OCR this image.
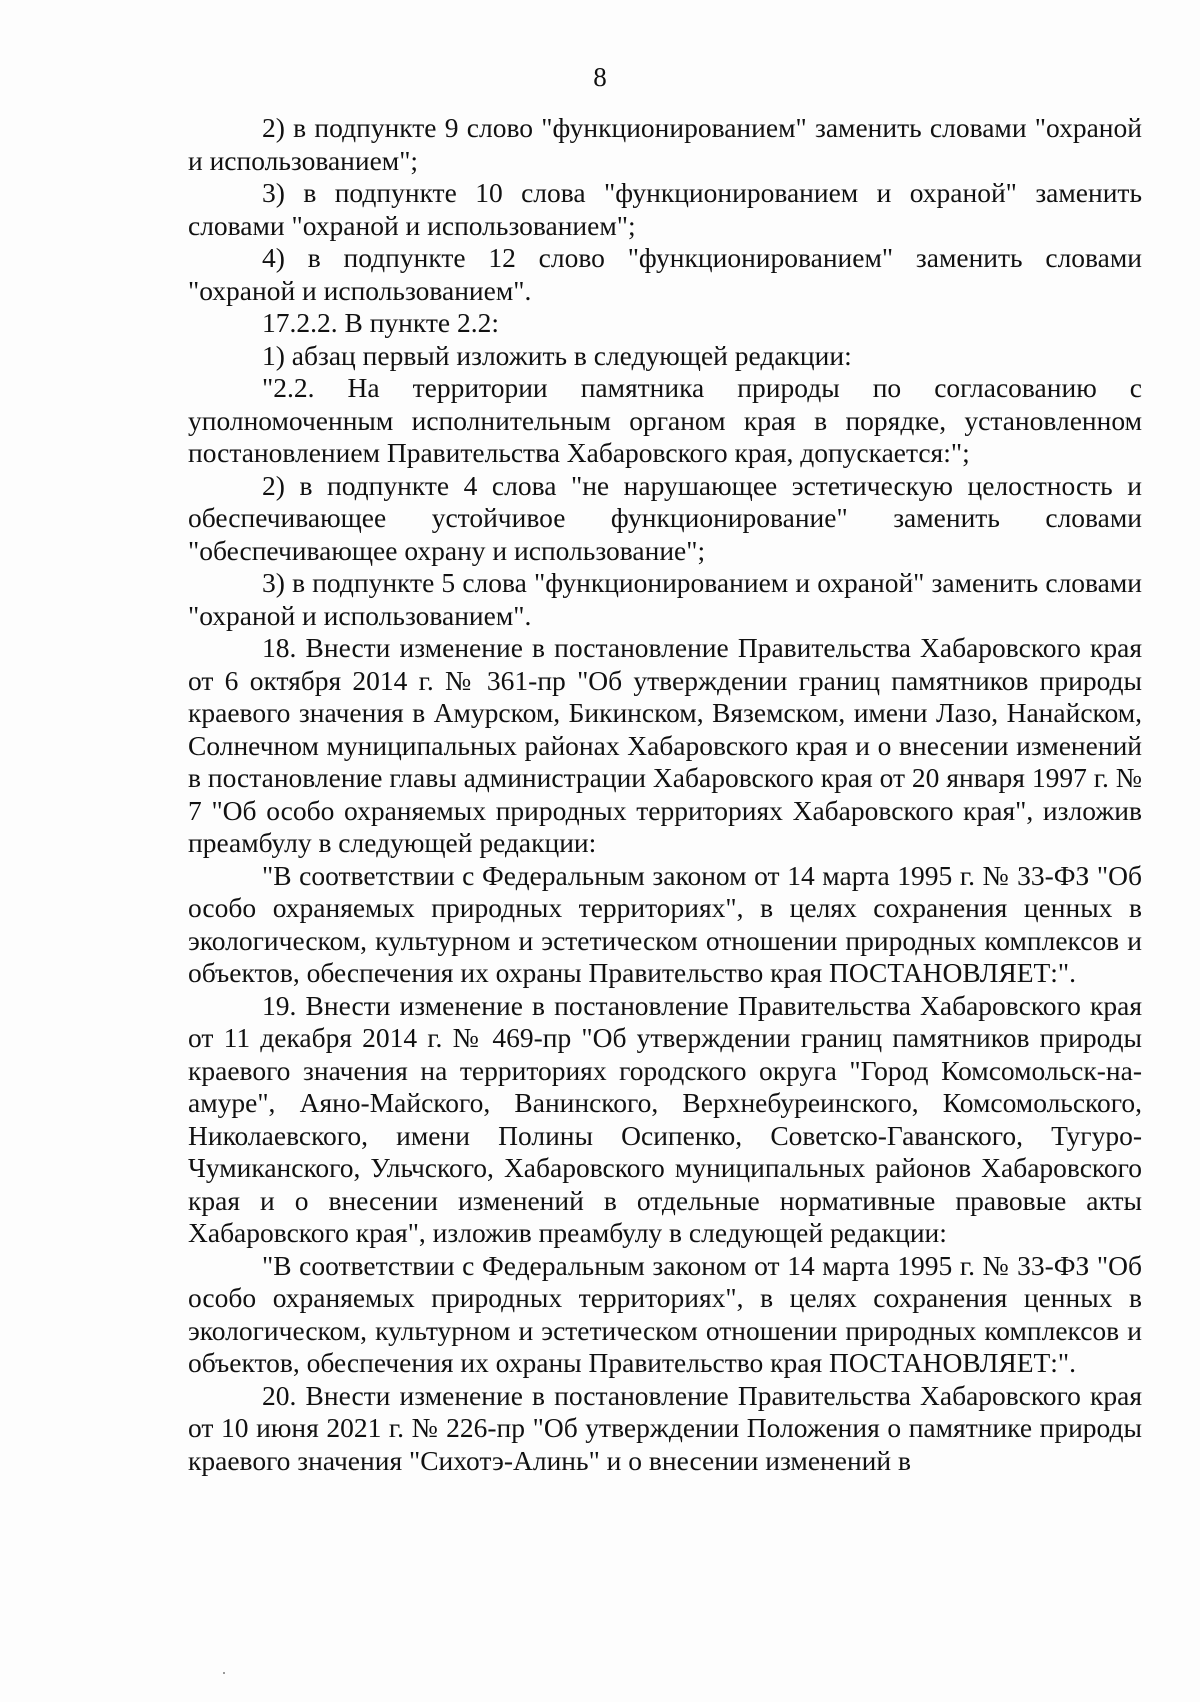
8

2) в подпункте 9 слово "функционированием" заменить словами "охраной и использованием";

3) в подпункте 10 слова "функционированием и охраной" заменить словами "охраной и использованием";

4) в подпункте 12 слово "функционированием" заменить словами "охраной и использованием".

17.2.2. В пункте 2.2:

1) абзац первый изложить в следующей редакции:

"2.2. На территории памятника природы по согласованию с уполномоченным исполнительным органом края в порядке, установленном постановлением Правительства Хабаровского края, допускается:";

2) в подпункте 4 слова "не нарушающее эстетическую целостность и обеспечивающее устойчивое функционирование" заменить словами "обеспечивающее охрану и использование";

3) в подпункте 5 слова "функционированием и охраной" заменить словами "охраной и использованием".

18. Внести изменение в постановление Правительства Хабаровского края от 6 октября 2014 г. № 361-пр "Об утверждении границ памятников природы краевого значения в Амурском, Бикинском, Вяземском, имени Лазо, Нанайском, Солнечном муниципальных районах Хабаровского края и о внесении изменений в постановление главы администрации Хабаровского края от 20 января 1997 г. № 7 "Об особо охраняемых природных территориях Хабаровского края", изложив преамбулу в следующей редакции:

"В соответствии с Федеральным законом от 14 марта 1995 г. № 33-ФЗ "Об особо охраняемых природных территориях", в целях сохранения ценных в экологическом, культурном и эстетическом отношении природных комплексов и объектов, обеспечения их охраны Правительство края ПОСТАНОВЛЯЕТ:".

19. Внести изменение в постановление Правительства Хабаровского края от 11 декабря 2014 г. № 469-пр "Об утверждении границ памятников природы краевого значения на территориях городского округа "Город Комсомольск-на-амуре", Аяно-Майского, Ванинского, Верхнебуреинского, Комсомольского, Николаевского, имени Полины Осипенко, Советско-Гаванского, Тугуро-Чумиканского, Ульчского, Хабаровского муниципальных районов Хабаровского края и о внесении изменений в отдельные нормативные правовые акты Хабаровского края", изложив преамбулу в следующей редакции:

"В соответствии с Федеральным законом от 14 марта 1995 г. № 33-ФЗ "Об особо охраняемых природных территориях", в целях сохранения ценных в экологическом, культурном и эстетическом отношении природных комплексов и объектов, обеспечения их охраны Правительство края ПОСТАНОВЛЯЕТ:".

20. Внести изменение в постановление Правительства Хабаровского края от 10 июня 2021 г. № 226-пр "Об утверждении Положения о памятнике природы краевого значения "Сихотэ-Алинь" и о внесении изменений в
